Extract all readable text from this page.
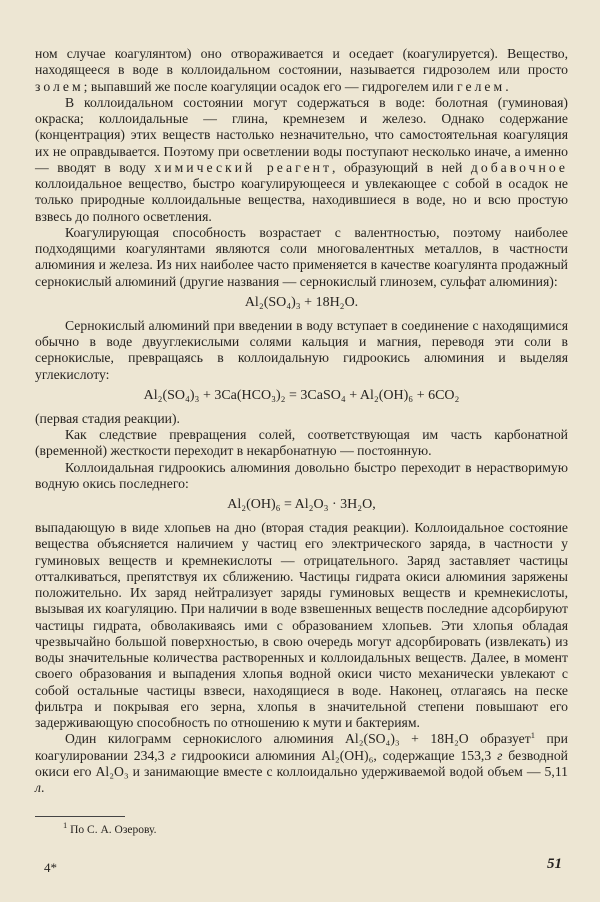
ном случае коагулянтом) оно отворaживается и оседает (коагулируется). Вещество, находящееся в воде в коллоидальном состоянии, называется гидрозолем или просто золем; выпавший же после коагуляции осадок его — гидрогелем или гелем.

В коллоидальном состоянии могут содержаться в воде: болотная (гуминовая) окраска; коллоидальные — глина, кремнезем и железо. Однако содержание (концентрация) этих веществ настолько незначительно, что самостоятельная коагуляция их не оправдывается. Поэтому при осветлении воды поступают несколько иначе, а именно — вводят в воду химический реагент, образующий в ней добавочное коллоидальное вещество, быстро коагулирующееся и увлекающее с собой в осадок не только природные коллоидальные вещества, находившиеся в воде, но и всю простую взвесь до полного осветления.

Коагулирующая способность возрастает с валентностью, поэтому наиболее подходящими коагулянтами являются соли многовалентных металлов, в частности алюминия и железа. Из них наиболее часто применяется в качестве коагулянта продажный сернокислый алюминий (другие названия — сернокислый глинозем, сульфат алюминия):

Al₂(SO₄)₃ + 18H₂O.

Сернокислый алюминий при введении в воду вступает в соединение с находящимися обычно в воде двууглекислыми солями кальция и магния, переводя эти соли в сернокислые, превращаясь в коллоидальную гидроокись алюминия и выделяя углекислоту:

Al₂(SO₄)₃ + 3Ca(HCO₃)₂ = 3CaSO₄ + Al₂(OH)₆ + 6CO₂

(первая стадия реакции).

Как следствие превращения солей, соответствующая им часть карбонатной (временной) жесткости переходит в некарбонатную — постоянную.

Коллоидальная гидроокись алюминия довольно быстро переходит в нерастворимую водную окись последнего:

Al₂(OH)₆ = Al₂O₃ · 3H₂O,

выпадающую в виде хлопьев на дно (вторая стадия реакции). Коллоидальное состояние вещества объясняется наличием у частиц его электрического заряда, в частности у гуминовых веществ и кремнекислоты — отрицательного. Заряд заставляет частицы отталкиваться, препятствуя их сближению. Частицы гидрата окиси алюминия заряжены положительно. Их заряд нейтрализует заряды гуминовых веществ и кремнекислоты, вызывая их коагуляцию. При наличии в воде взвешенных веществ последние адсорбируют частицы гидрата, обволакиваясь ими с образованием хлопьев. Эти хлопья обладая чрезвычайно большой поверхностью, в свою очередь могут адсорбировать (извлекать) из воды значительные количества растворенных и коллоидальных веществ. Далее, в момент своего образования и выпадения хлопья водной окиси чисто механически увлекают с собой остальные частицы взвеси, находящиеся в воде. Наконец, отлагаясь на песке фильтра и покрывая его зерна, хлопья в значительной степени повышают его задерживающую способность по отношению к мути и бактериям.

Один килограмм сернокислого алюминия Al₂(SO₄)₃ + 18H₂O образует$^1$ при коагулировании 234,3 г гидроокиси алюминия Al₂(OH)₆, содержащие 153,3 г безводной окиси его Al₂O₃ и занимающие вместе с коллоидально удерживаемой водой объем — 5,11 л.

$^1$ По С. А. Озерову.
4*	51
